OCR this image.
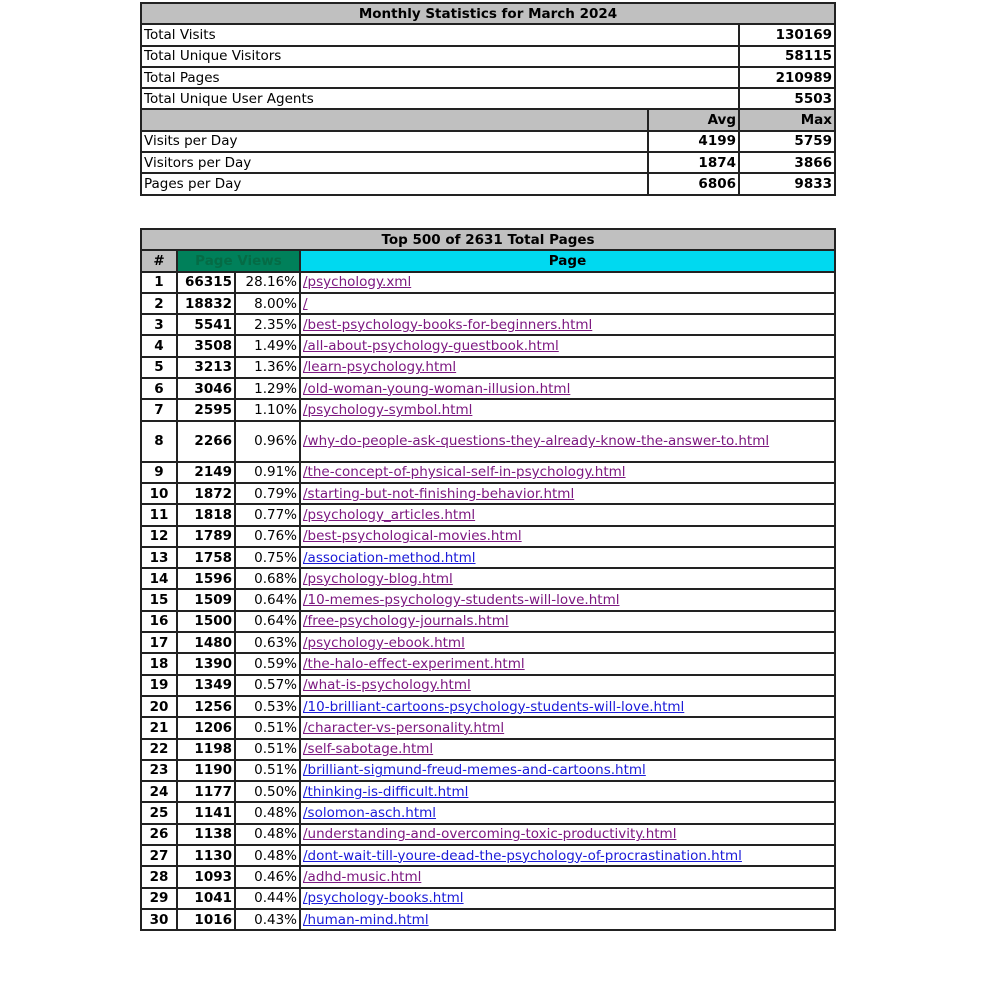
Monthly Statistics for March 2024		
Total Visits		130169
Total Unique Visitors		58115
Total Pages		210989
Total Unique User Agents		5503
	Avg	Max
Visits per Day	4199	5759
Visitors per Day	1874	3866
Pages per Day	6806	9833
Top 500 of 2631 Total Pages			
#	Page Views		Page
1	66315	28.16%	/psychology.xml
2	18832	8.00%	/
3	5541	2.35%	/best-psychology-books-for-beginners.html
4	3508	1.49%	/all-about-psychology-guestbook.html
5	3213	1.36%	/learn-psychology.html
6	3046	1.29%	/old-woman-young-woman-illusion.html
7	2595	1.10%	/psychology-symbol.html
8	2266	0.96%	/why-do-people-ask-questions-they-already-know-the-answer-to.html
9	2149	0.91%	/the-concept-of-physical-self-in-psychology.html
10	1872	0.79%	/starting-but-not-finishing-behavior.html
11	1818	0.77%	/psychology_articles.html
12	1789	0.76%	/best-psychological-movies.html
13	1758	0.75%	/association-method.html
14	1596	0.68%	/psychology-blog.html
15	1509	0.64%	/10-memes-psychology-students-will-love.html
16	1500	0.64%	/free-psychology-journals.html
17	1480	0.63%	/psychology-ebook.html
18	1390	0.59%	/the-halo-effect-experiment.html
19	1349	0.57%	/what-is-psychology.html
20	1256	0.53%	/10-brilliant-cartoons-psychology-students-will-love.html
21	1206	0.51%	/character-vs-personality.html
22	1198	0.51%	/self-sabotage.html
23	1190	0.51%	/brilliant-sigmund-freud-memes-and-cartoons.html
24	1177	0.50%	/thinking-is-difficult.html
25	1141	0.48%	/solomon-asch.html
26	1138	0.48%	/understanding-and-overcoming-toxic-productivity.html
27	1130	0.48%	/dont-wait-till-youre-dead-the-psychology-of-procrastination.html
28	1093	0.46%	/adhd-music.html
29	1041	0.44%	/psychology-books.html
30	1016	0.43%	/human-mind.html
